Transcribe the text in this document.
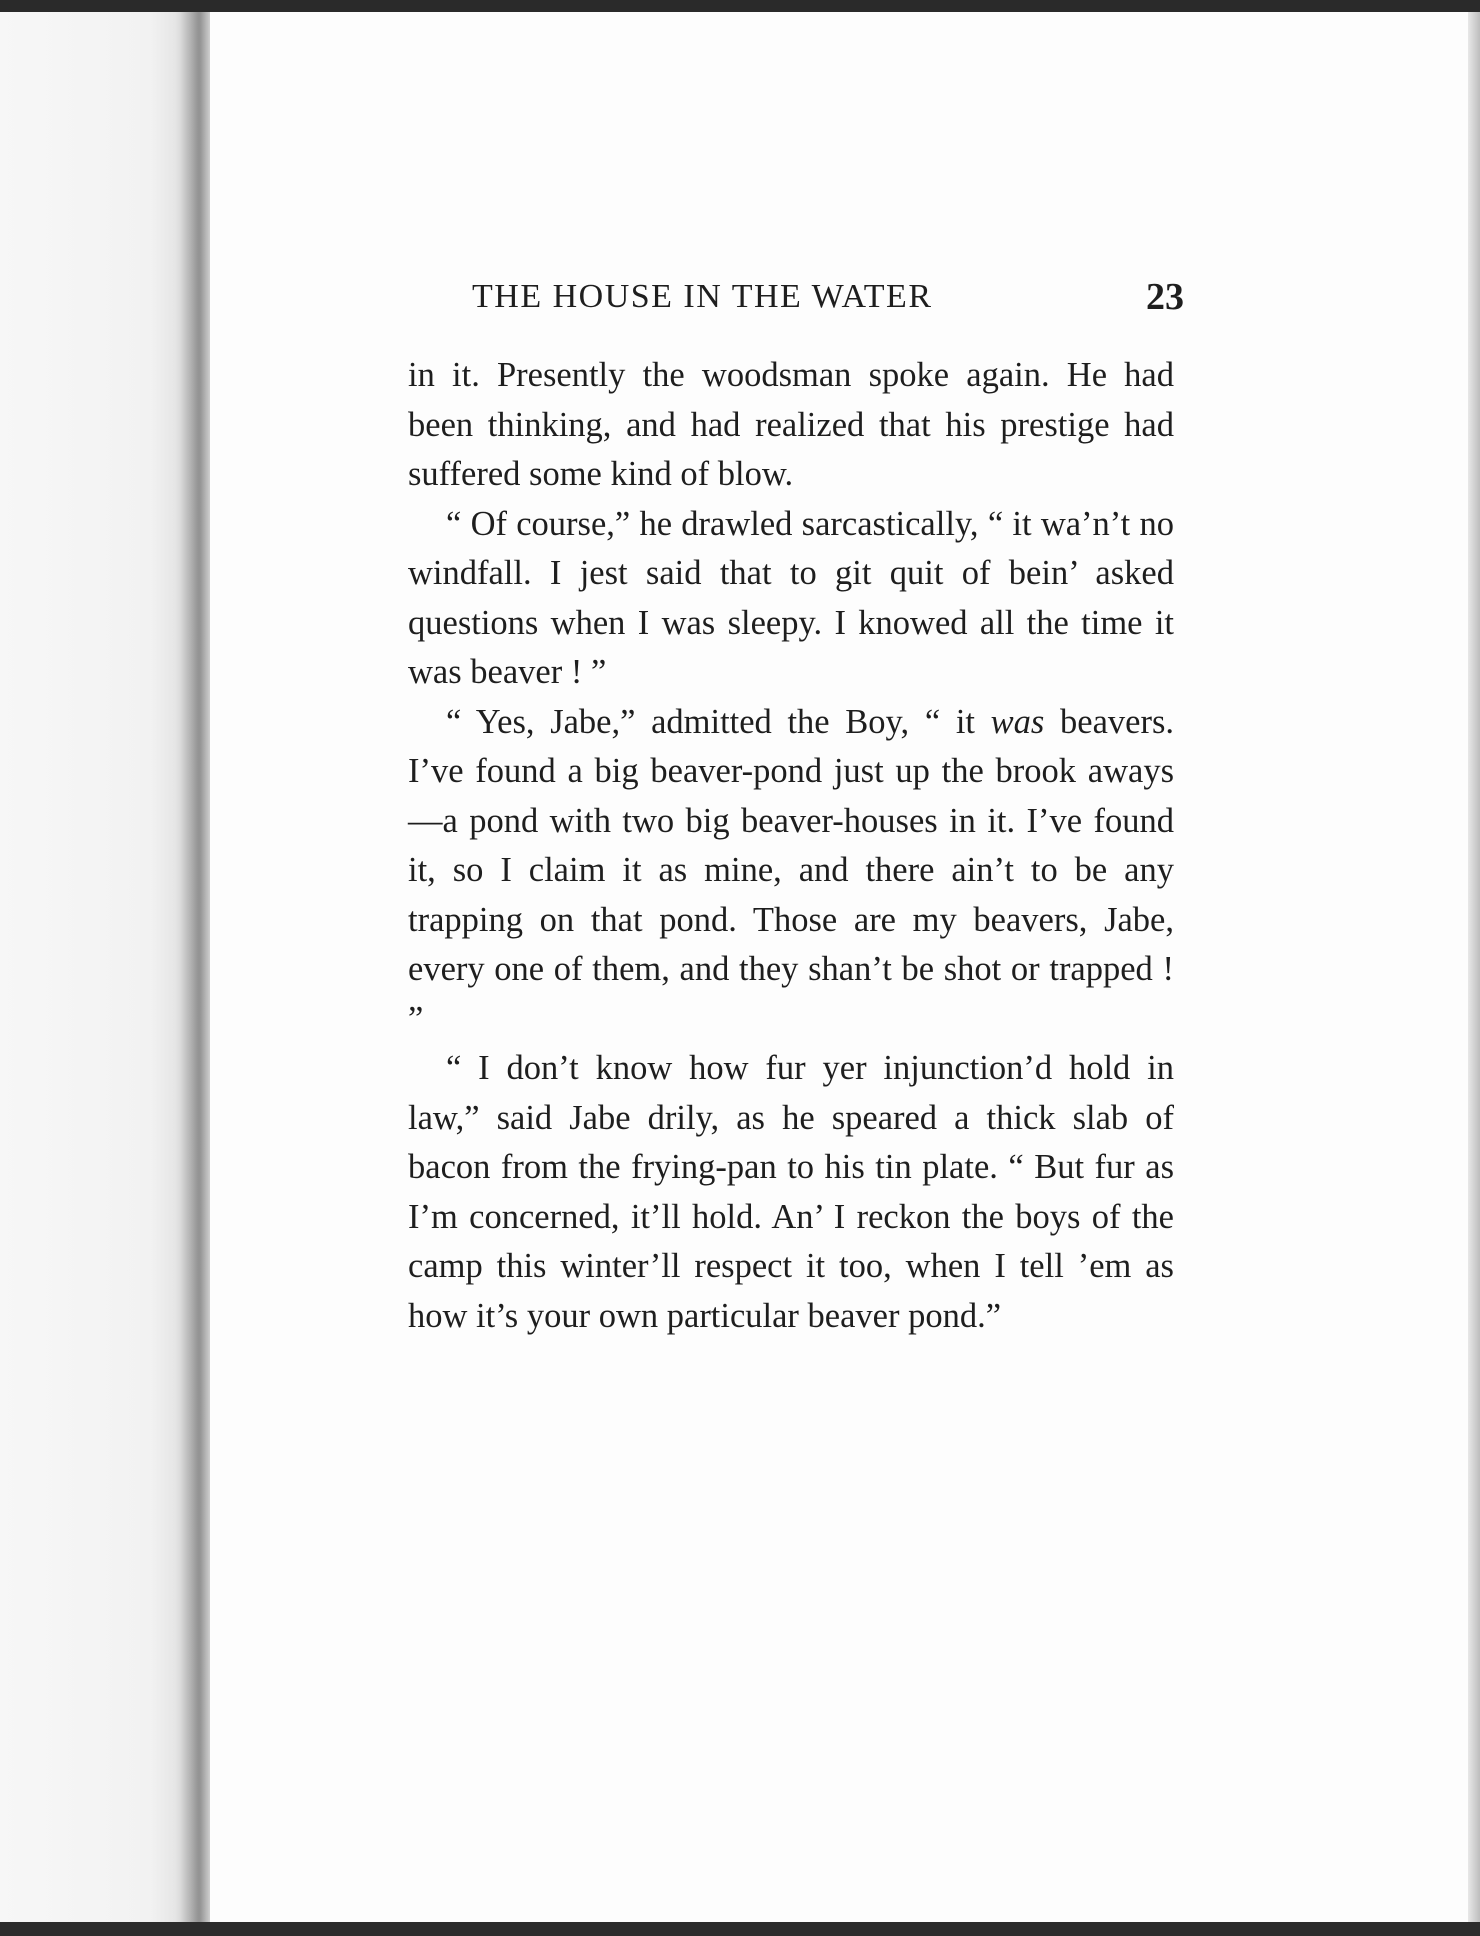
THE HOUSE IN THE WATER	23

in it. Presently the woodsman spoke again. He had been thinking, and had realized that his prestige had suffered some kind of blow.

“ Of course,” he drawled sarcastically, “ it wa’n’t no windfall. I jest said that to git quit of bein’ asked questions when I was sleepy. I knowed all the time it was beaver ! ”

“ Yes, Jabe,” admitted the Boy, “ it was beavers. I’ve found a big beaver-pond just up the brook aways—a pond with two big beaver-houses in it. I’ve found it, so I claim it as mine, and there ain’t to be any trapping on that pond. Those are my beavers, Jabe, every one of them, and they shan’t be shot or trapped ! ”

“ I don’t know how fur yer injunction’d hold in law,” said Jabe drily, as he speared a thick slab of bacon from the frying-pan to his tin plate. “ But fur as I’m concerned, it’ll hold. An’ I reckon the boys of the camp this winter’ll respect it too, when I tell ’em as how it’s your own particular beaver pond.”
